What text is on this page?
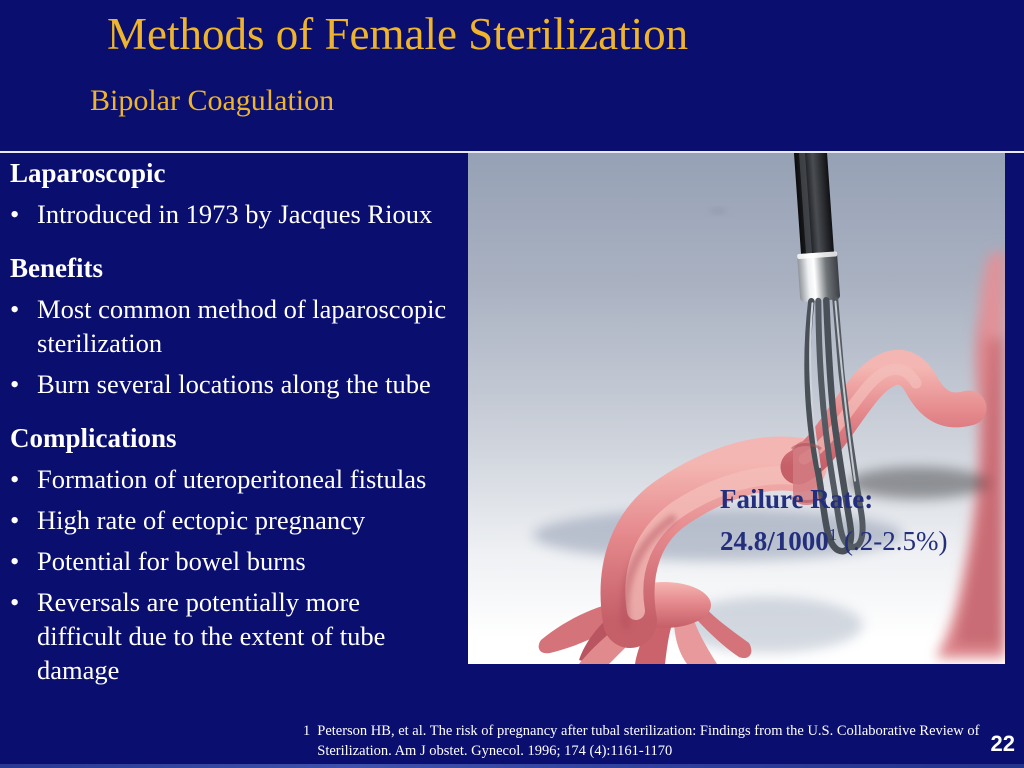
Methods of Female Sterilization
Bipolar Coagulation
Laparoscopic
• Introduced in 1973 by Jacques Rioux
Benefits
• Most common method of laparoscopic sterilization
• Burn several locations along the tube
Complications
• Formation of uteroperitoneal fistulas
• High rate of ectopic pregnancy
• Potential for bowel burns
• Reversals are potentially more difficult due to the extent of tube damage
Failure Rate:
24.8/1000$^1$ (.2-2.5%)
1 Peterson HB, et al. The risk of pregnancy after tubal sterilization: Findings from the U.S. Collaborative Review of
Sterilization. Am J obstet. Gynecol. 1996; 174 (4):1161-1170	22
